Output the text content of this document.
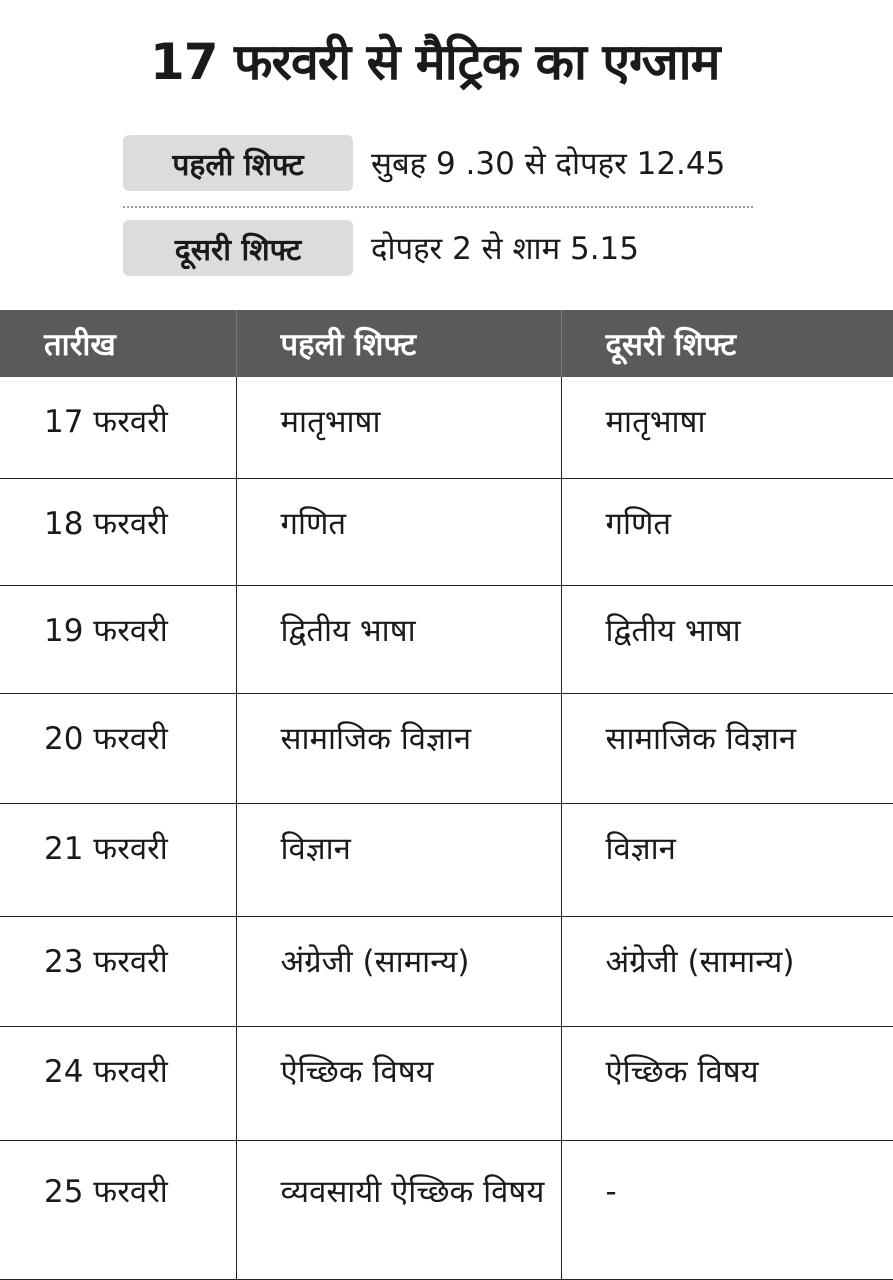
17 फरवरी से मैट्रिक का एग्जाम
पहली शिफ्ट	सुबह 9 .30 से दोपहर 12.45
दूसरी शिफ्ट	दोपहर 2 से शाम 5.15
तारीख	पहली शिफ्ट	दूसरी शिफ्ट
17 फरवरी	मातृभाषा	मातृभाषा
18 फरवरी	गणित	गणित
19 फरवरी	द्वितीय भाषा	द्वितीय भाषा
20 फरवरी	सामाजिक विज्ञान	सामाजिक विज्ञान
21 फरवरी	विज्ञान	विज्ञान
23 फरवरी	अंग्रेजी (सामान्य)	अंग्रेजी (सामान्य)
24 फरवरी	ऐच्छिक विषय	ऐच्छिक विषय
25 फरवरी	व्यवसायी ऐच्छिक विषय	-
